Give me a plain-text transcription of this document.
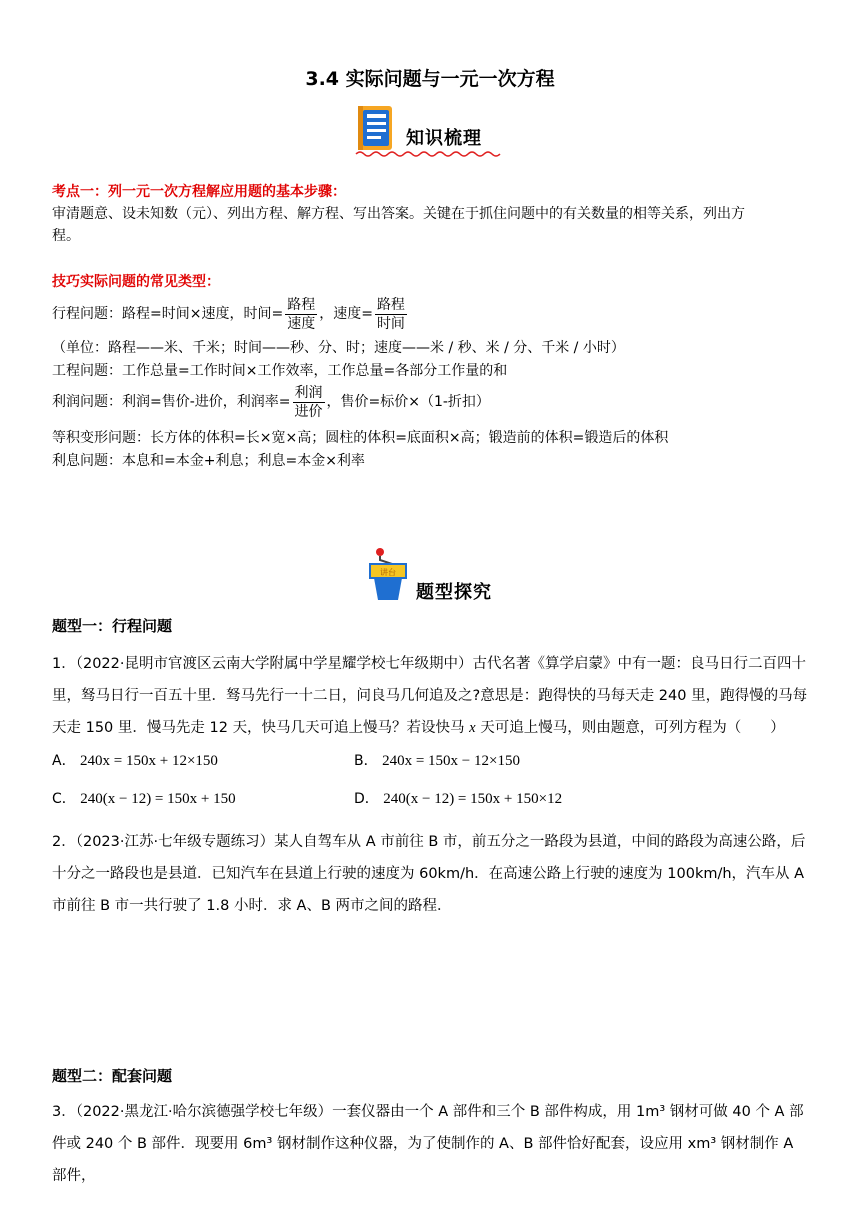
3.4 实际问题与一元一次方程
知识梳理
考点一：列一元一次方程解应用题的基本步骤：
审清题意、设未知数（元）、列出方程、解方程、写出答案。关键在于抓住问题中的有关数量的相等关系，列出方
程。
技巧实际问题的常见类型：
行程问题：路程=时间×速度，时间= $\frac{\text{路程}}{\text{速度}}$ ，速度= $\frac{\text{路程}}{\text{时间}}$
（单位：路程——米、千米；时间——秒、分、时；速度——米 / 秒、米 / 分、千米 / 小时）
工程问题：工作总量=工作时间×工作效率，工作总量=各部分工作量的和
利润问题：利润=售价-进价，利润率= $\frac{\text{利润}}{\text{进价}}$ ，售价=标价×（1-折扣）
等积变形问题：长方体的体积=长×宽×高；圆柱的体积=底面积×高；锻造前的体积=锻造后的体积
利息问题：本息和=本金+利息；利息=本金×利率
讲台
题型探究
题型一：行程问题
1．（2022·昆明市官渡区云南大学附属中学星耀学校七年级期中）古代名著《算学启蒙》中有一题：良马日行二百四十里，驽马日行一百五十里．驽马先行一十二日，问良马几何追及之?意思是：跑得快的马每天走 240 里，跑得慢的马每天走 150 里．慢马先走 12 天，快马几天可追上慢马？若设快马 x 天可追上慢马，则由题意，可列方程为（　　）
A． 240x = 150x + 12×150	B． 240x = 150x − 12×150
C． 240(x − 12) = 150x + 150	D． 240(x − 12) = 150x + 150×12
2．（2023·江苏·七年级专题练习）某人自驾车从 A 市前往 B 市，前五分之一路段为县道，中间的路段为高速公路，后十分之一路段也是县道．已知汽车在县道上行驶的速度为 60km/h．在高速公路上行驶的速度为 100km/h，汽车从 A 市前往 B 市一共行驶了 1.8 小时．求 A、B 两市之间的路程．
题型二：配套问题
3．（2022·黑龙江·哈尔滨德强学校七年级）一套仪器由一个 A 部件和三个 B 部件构成，用 1m³ 钢材可做 40 个 A 部件或 240 个 B 部件．现要用 6m³ 钢材制作这种仪器，为了使制作的 A、B 部件恰好配套，设应用 xm³ 钢材制作 A 部件，
